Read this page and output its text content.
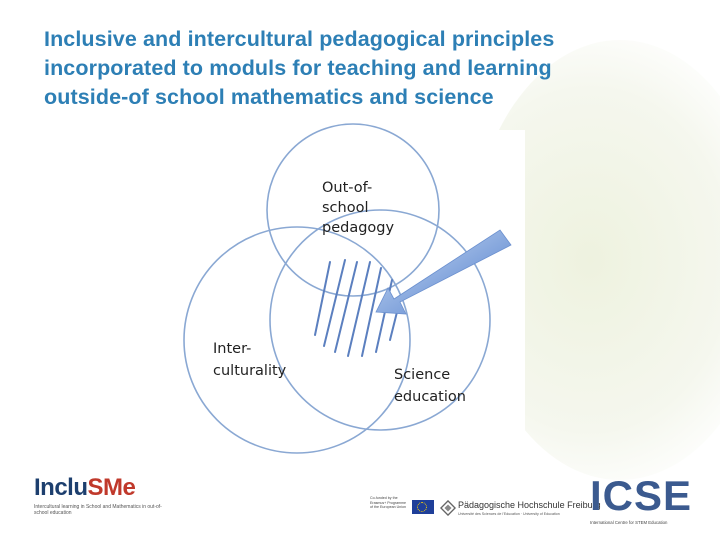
Inclusive and intercultural pedagogical principles
incorporated to moduls for teaching and learning
outside-of school mathematics and science
Out-of-
school
pedagogy
Inter-
culturality	Science
education
IncluSMe
Intercultural learning in School and Mathematics in out-of-school education
Co-funded by the Erasmus+ Programme of the European Union	Pädagogische Hochschule Freiburg
Université des Sciences de l'Education · University of Education ICSE
International Centre for STEM Education
